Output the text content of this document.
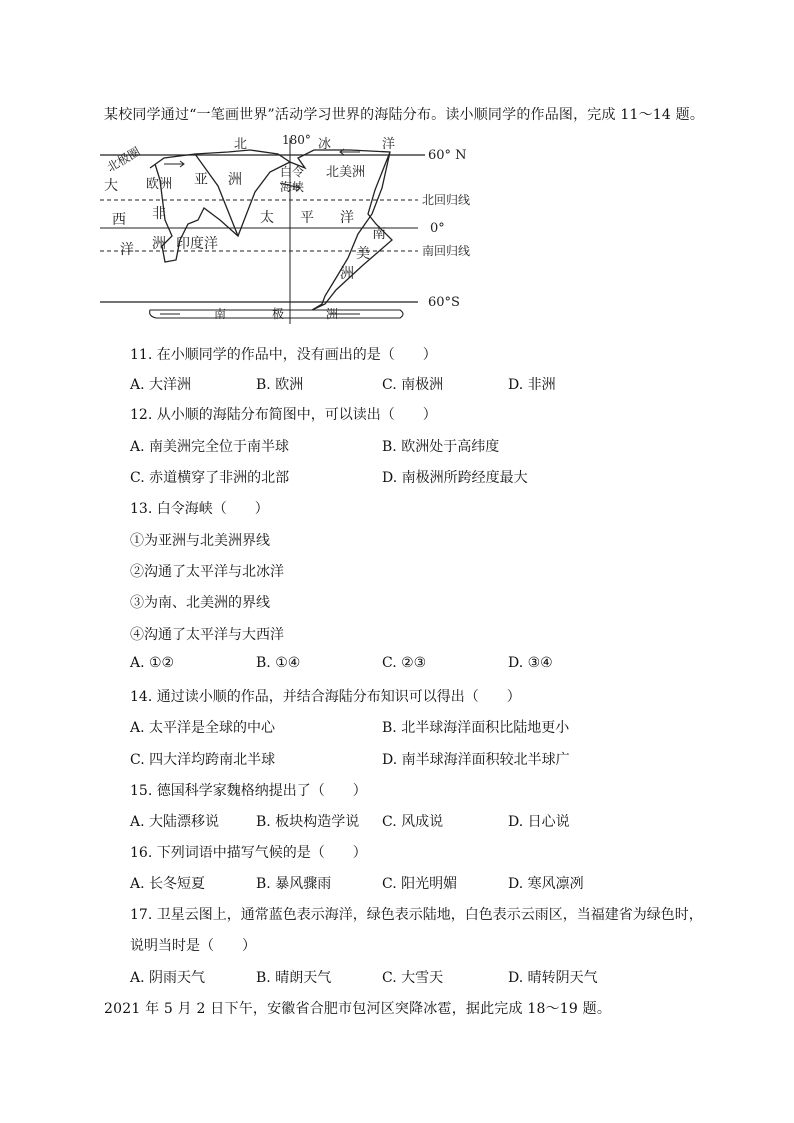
某校同学通过“一笔画世界”活动学习世界的海陆分布。读小顺同学的作品图，完成 11～14 题。
北	180° 冰	洋
60° N
北极圈
大
西
洋
欧洲 亚 洲
非
洲 印度洋
白令
海峡
北美洲
太 平 洋
北回归线
0°
南回归线
南
美
洲
60°S
南	极	洲
11. 在小顺同学的作品中，没有画出的是（　　）
A. 大洋洲	B. 欧洲	C. 南极洲	D. 非洲
12. 从小顺的海陆分布简图中，可以读出（　　）
A. 南美洲完全位于南半球	B. 欧洲处于高纬度
C. 赤道横穿了非洲的北部	D. 南极洲所跨经度最大
13. 白令海峡（　　）
①为亚洲与北美洲界线
②沟通了太平洋与北冰洋
③为南、北美洲的界线
④沟通了太平洋与大西洋
A. ①②	B. ①④	C. ②③	D. ③④
14. 通过读小顺的作品，并结合海陆分布知识可以得出（　　）
A. 太平洋是全球的中心	B. 北半球海洋面积比陆地更小
C. 四大洋均跨南北半球	D. 南半球海洋面积较北半球广
15. 德国科学家魏格纳提出了（　　）
A. 大陆漂移说	B. 板块构造学说 C. 风成说	D. 日心说
16. 下列词语中描写气候的是（　　）
A. 长冬短夏	B. 暴风骤雨	C. 阳光明媚	D. 寒风凛冽
17. 卫星云图上，通常蓝色表示海洋，绿色表示陆地，白色表示云雨区，当福建省为绿色时，
说明当时是（　　）
A. 阴雨天气	B. 晴朗天气	C. 大雪天	D. 晴转阴天气
2021 年 5 月 2 日下午，安徽省合肥市包河区突降冰雹，据此完成 18～19 题。
